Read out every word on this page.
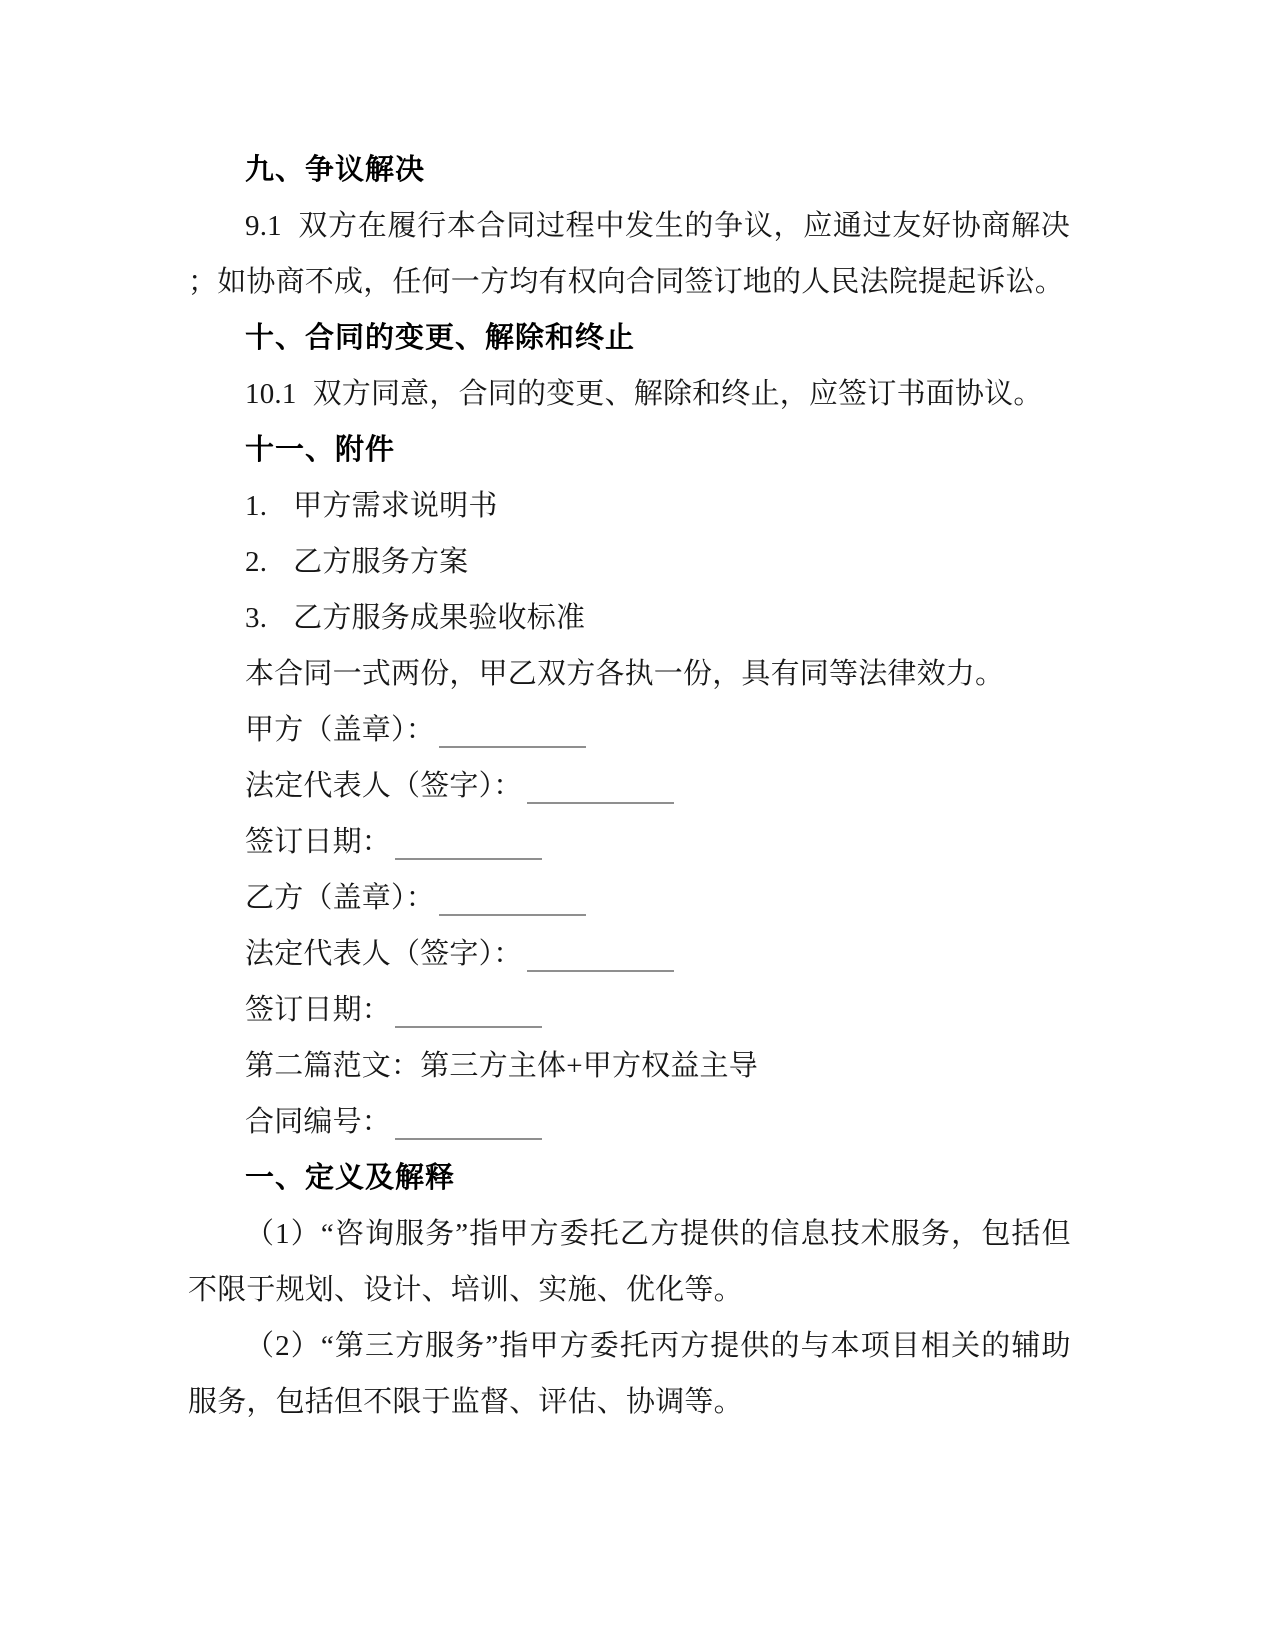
九、争议解决
9.1 双方在履行本合同过程中发生的争议，应通过友好协商解决
；如协商不成，任何一方均有权向合同签订地的人民法院提起诉讼。
十、合同的变更、解除和终止
10.1 双方同意，合同的变更、解除和终止，应签订书面协议。
十一、附件
1. 甲方需求说明书
2. 乙方服务方案
3. 乙方服务成果验收标准
本合同一式两份，甲乙双方各执一份，具有同等法律效力。
甲方（盖章）：
法定代表人（签字）：
签订日期：
乙方（盖章）：
法定代表人（签字）：
签订日期：
第二篇范文：第三方主体+甲方权益主导
合同编号：
一、定义及解释
（1）“咨询服务”指甲方委托乙方提供的信息技术服务，包括但
不限于规划、设计、培训、实施、优化等。
（2）“第三方服务”指甲方委托丙方提供的与本项目相关的辅助
服务，包括但不限于监督、评估、协调等。
